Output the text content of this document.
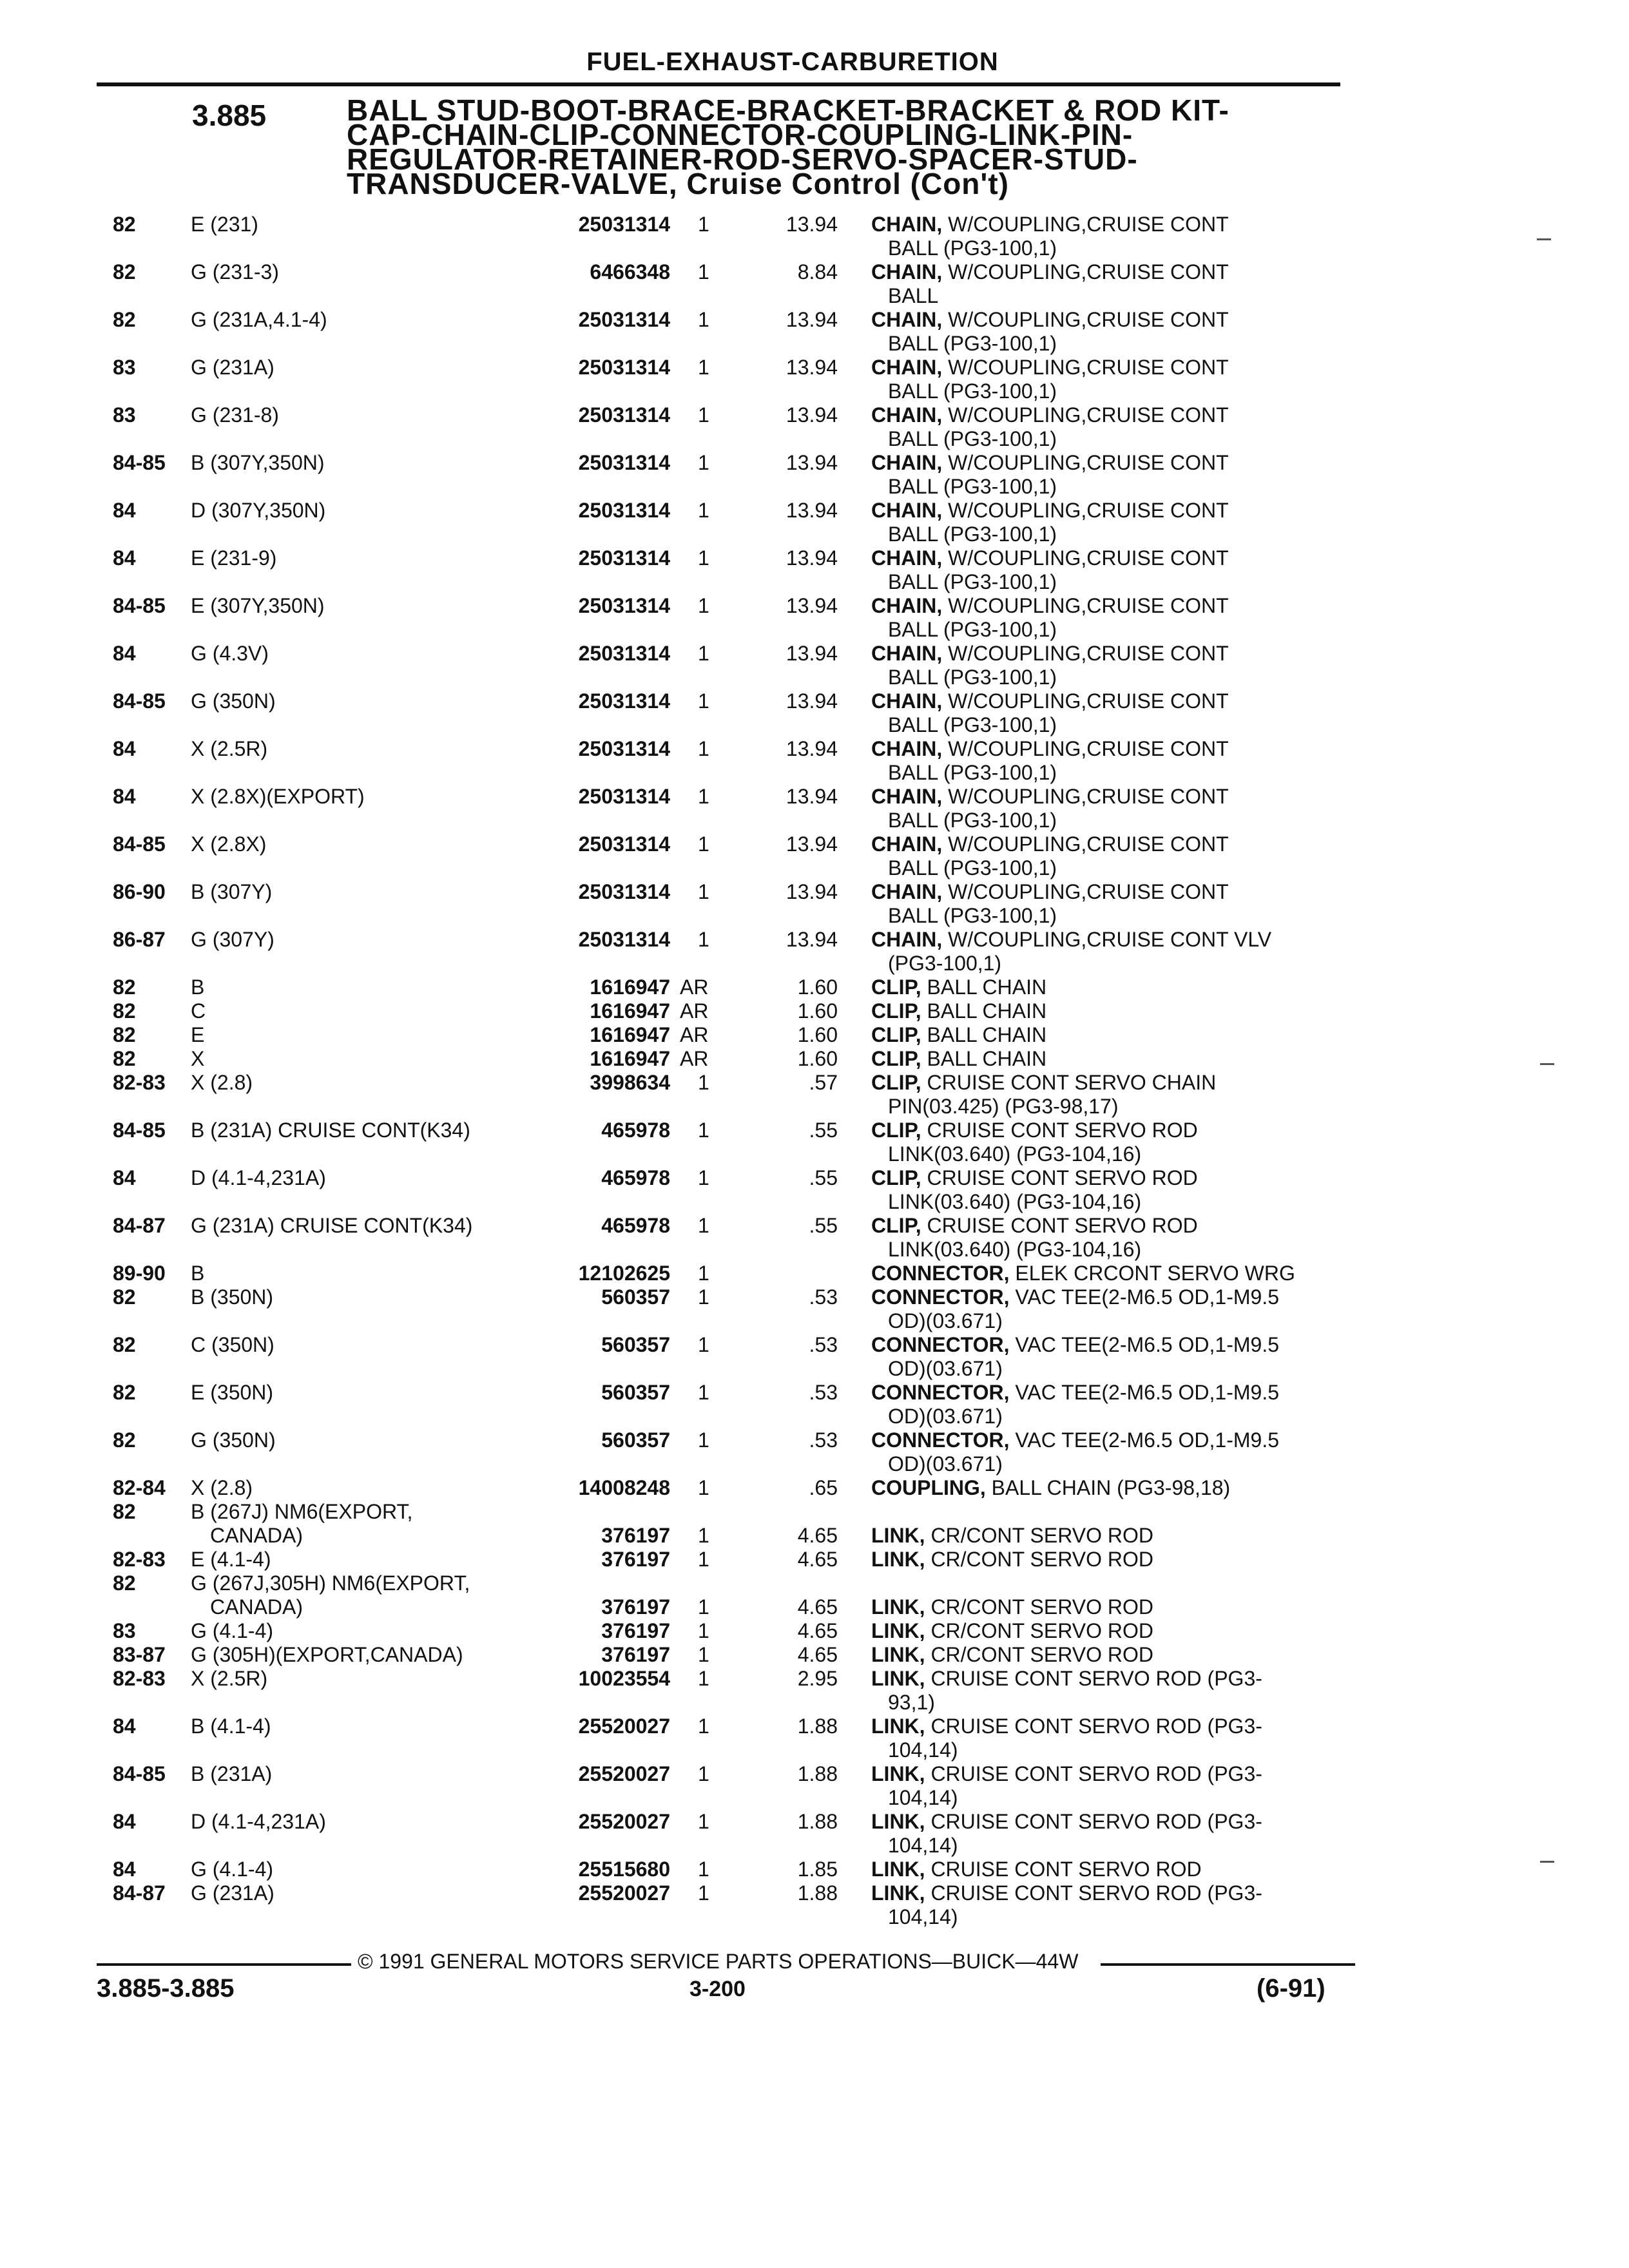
FUEL-EXHAUST-CARBURETION
3.885	BALL STUD-BOOT-BRACE-BRACKET-BRACKET & ROD KIT-
CAP-CHAIN-CLIP-CONNECTOR-COUPLING-LINK-PIN-
REGULATOR-RETAINER-ROD-SERVO-SPACER-STUD-
TRANSDUCER-VALVE, Cruise Control (Con't)
82	E (231)	25031314	1	13.94 CHAIN, W/COUPLING,CRUISE CONT
BALL (PG3-100,1)
82	G (231-3)	6466348	1	8.84 CHAIN, W/COUPLING,CRUISE CONT
BALL
82	G (231A,4.1-4)	25031314	1	13.94 CHAIN, W/COUPLING,CRUISE CONT
BALL (PG3-100,1)
83	G (231A)	25031314	1	13.94 CHAIN, W/COUPLING,CRUISE CONT
BALL (PG3-100,1)
83	G (231-8)	25031314	1	13.94 CHAIN, W/COUPLING,CRUISE CONT
BALL (PG3-100,1)
84-85 B (307Y,350N)	25031314	1	13.94 CHAIN, W/COUPLING,CRUISE CONT
BALL (PG3-100,1)
84	D (307Y,350N)	25031314	1	13.94 CHAIN, W/COUPLING,CRUISE CONT
BALL (PG3-100,1)
84	E (231-9)	25031314	1	13.94 CHAIN, W/COUPLING,CRUISE CONT
BALL (PG3-100,1)
84-85 E (307Y,350N)	25031314	1	13.94 CHAIN, W/COUPLING,CRUISE CONT
BALL (PG3-100,1)
84	G (4.3V)	25031314	1	13.94 CHAIN, W/COUPLING,CRUISE CONT
BALL (PG3-100,1)
84-85 G (350N)	25031314	1	13.94 CHAIN, W/COUPLING,CRUISE CONT
BALL (PG3-100,1)
84	X (2.5R)	25031314	1	13.94 CHAIN, W/COUPLING,CRUISE CONT
BALL (PG3-100,1)
84	X (2.8X)(EXPORT)	25031314	1	13.94 CHAIN, W/COUPLING,CRUISE CONT
BALL (PG3-100,1)
84-85 X (2.8X)	25031314	1	13.94 CHAIN, W/COUPLING,CRUISE CONT
BALL (PG3-100,1)
86-90 B (307Y)	25031314	1	13.94 CHAIN, W/COUPLING,CRUISE CONT
BALL (PG3-100,1)
86-87 G (307Y)	25031314	1	13.94 CHAIN, W/COUPLING,CRUISE CONT VLV
(PG3-100,1)
82	B	1616947 AR	1.60 CLIP, BALL CHAIN
82	C	1616947 AR	1.60 CLIP, BALL CHAIN
82	E	1616947 AR	1.60 CLIP, BALL CHAIN
82	X	1616947 AR	1.60 CLIP, BALL CHAIN
82-83 X (2.8)	3998634	1	.57 CLIP, CRUISE CONT SERVO CHAIN
PIN(03.425) (PG3-98,17)
84-85 B (231A) CRUISE CONT(K34)	465978	1	.55 CLIP, CRUISE CONT SERVO ROD
LINK(03.640) (PG3-104,16)
84	D (4.1-4,231A)	465978	1	.55 CLIP, CRUISE CONT SERVO ROD
LINK(03.640) (PG3-104,16)
84-87 G (231A) CRUISE CONT(K34)	465978	1	.55 CLIP, CRUISE CONT SERVO ROD
LINK(03.640) (PG3-104,16)
89-90 B	12102625	1	CONNECTOR, ELEK CRCONT SERVO WRG
82	B (350N)	560357	1	.53 CONNECTOR, VAC TEE(2-M6.5 OD,1-M9.5
OD)(03.671)
82	C (350N)	560357	1	.53 CONNECTOR, VAC TEE(2-M6.5 OD,1-M9.5
OD)(03.671)
82	E (350N)	560357	1	.53 CONNECTOR, VAC TEE(2-M6.5 OD,1-M9.5
OD)(03.671)
82	G (350N)	560357	1	.53 CONNECTOR, VAC TEE(2-M6.5 OD,1-M9.5
OD)(03.671)
82-84 X (2.8)	14008248	1	.65 COUPLING, BALL CHAIN (PG3-98,18)
82	B (267J) NM6(EXPORT,
CANADA)	376197	1	4.65 LINK, CR/CONT SERVO ROD
82-83 E (4.1-4)	376197	1	4.65 LINK, CR/CONT SERVO ROD
82	G (267J,305H) NM6(EXPORT,
CANADA)	376197	1	4.65 LINK, CR/CONT SERVO ROD
83	G (4.1-4)	376197	1	4.65 LINK, CR/CONT SERVO ROD
83-87 G (305H)(EXPORT,CANADA)	376197	1	4.65 LINK, CR/CONT SERVO ROD
82-83 X (2.5R)	10023554	1	2.95 LINK, CRUISE CONT SERVO ROD (PG3-
93,1)
84	B (4.1-4)	25520027	1	1.88 LINK, CRUISE CONT SERVO ROD (PG3-
104,14)
84-85 B (231A)	25520027	1	1.88 LINK, CRUISE CONT SERVO ROD (PG3-
104,14)
84	D (4.1-4,231A)	25520027	1	1.88 LINK, CRUISE CONT SERVO ROD (PG3-
104,14)
84	G (4.1-4)	25515680	1	1.85 LINK, CRUISE CONT SERVO ROD
84-87 G (231A)	25520027	1	1.88 LINK, CRUISE CONT SERVO ROD (PG3-
104,14)
© 1991 GENERAL MOTORS SERVICE PARTS OPERATIONS—BUICK—44W
3.885-3.885	3-200	(6-91)
